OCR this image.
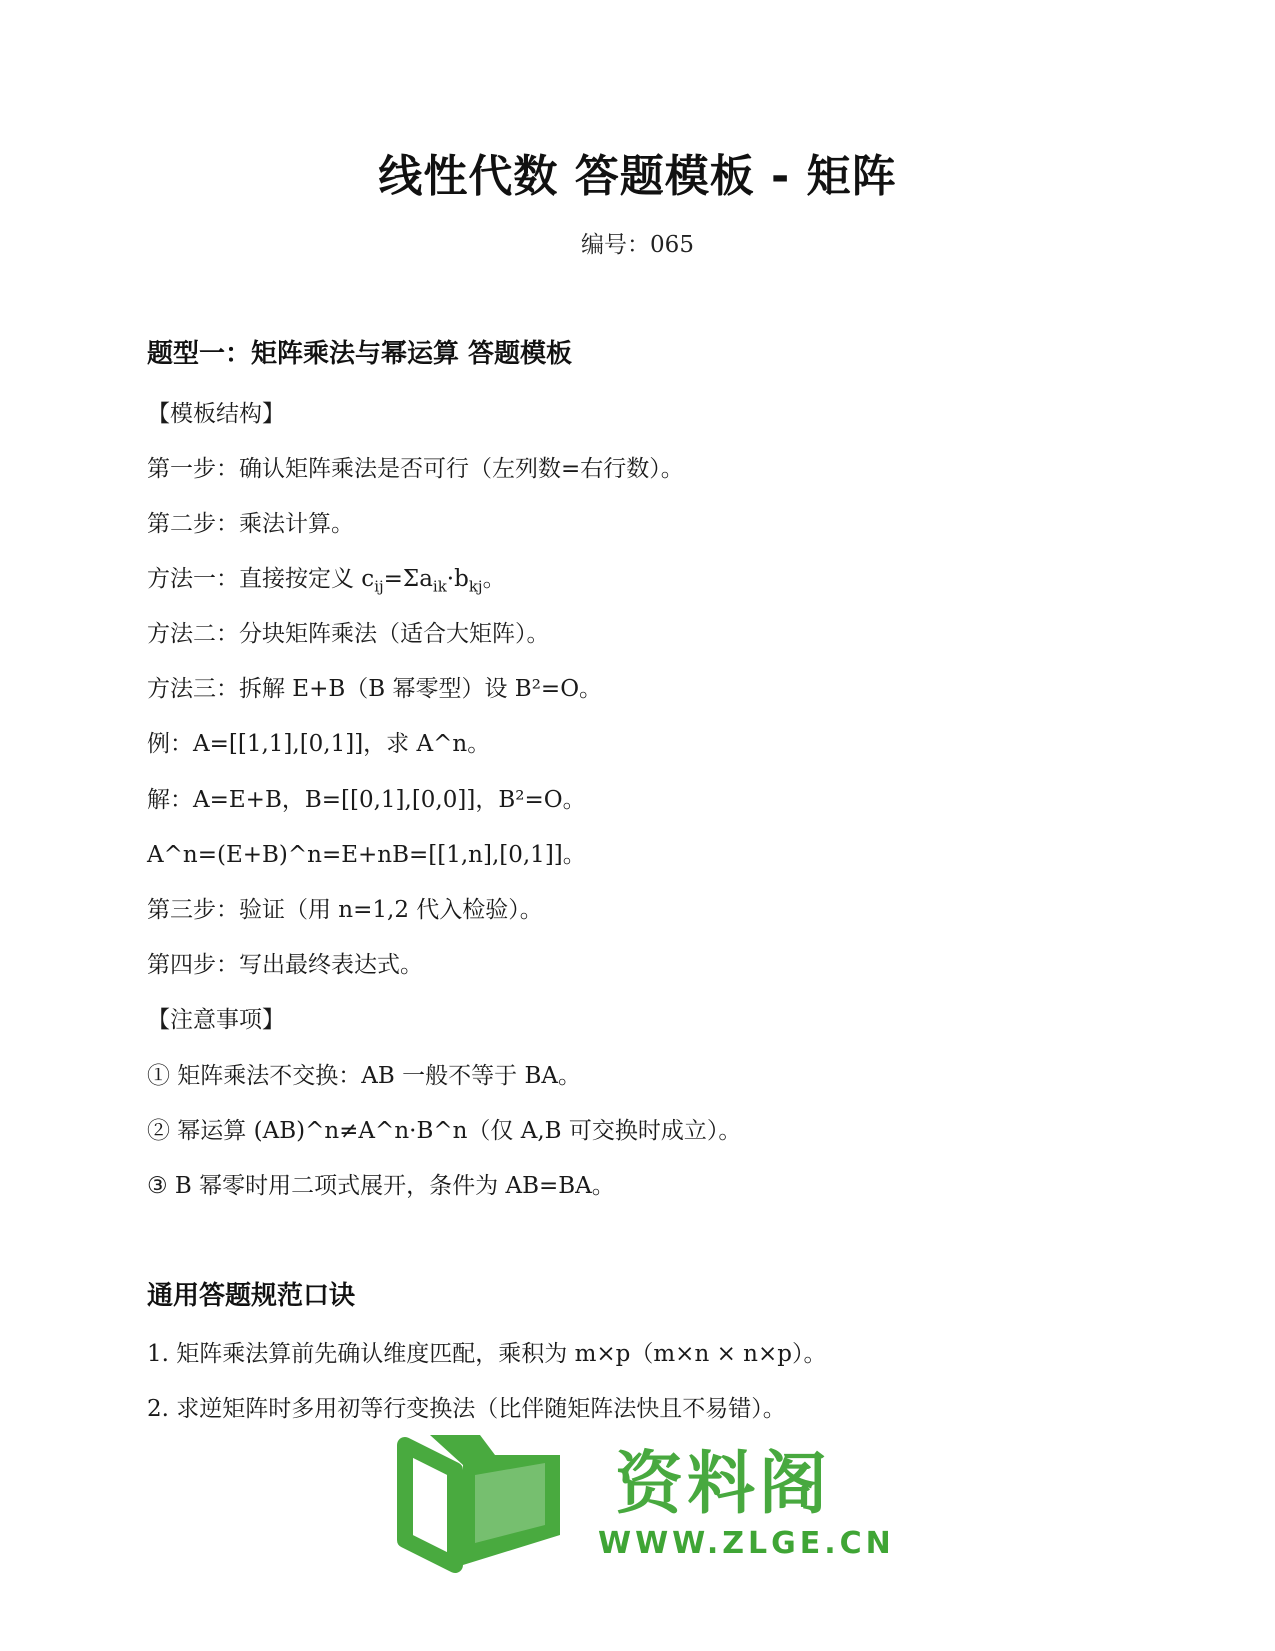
线性代数 答题模板 - 矩阵
编号：065
题型一：矩阵乘法与幂运算 答题模板
【模板结构】
第一步：确认矩阵乘法是否可行（左列数=右行数）。
第二步：乘法计算。
方法一：直接按定义 $c_{ij}=\Sigma a_{ik}\cdot b_{kj}$。
方法二：分块矩阵乘法（适合大矩阵）。
方法三：拆解 E+B（B 幂零型）设 B²=O。
例：A=[[1,1],[0,1]]，求 A^n。
解：A=E+B，B=[[0,1],[0,0]]，B²=O。
A^n=(E+B)^n=E+nB=[[1,n],[0,1]]。
第三步：验证（用 n=1,2 代入检验）。
第四步：写出最终表达式。
【注意事项】
① 矩阵乘法不交换：AB 一般不等于 BA。
② 幂运算 (AB)^n≠A^n·B^n（仅 A,B 可交换时成立）。
③ B 幂零时用二项式展开，条件为 AB=BA。
通用答题规范口诀
1. 矩阵乘法算前先确认维度匹配，乘积为 m×p（m×n × n×p）。
2. 求逆矩阵时多用初等行变换法（比伴随矩阵法快且不易错）。
资料阁
WWW.ZLGE.CN
